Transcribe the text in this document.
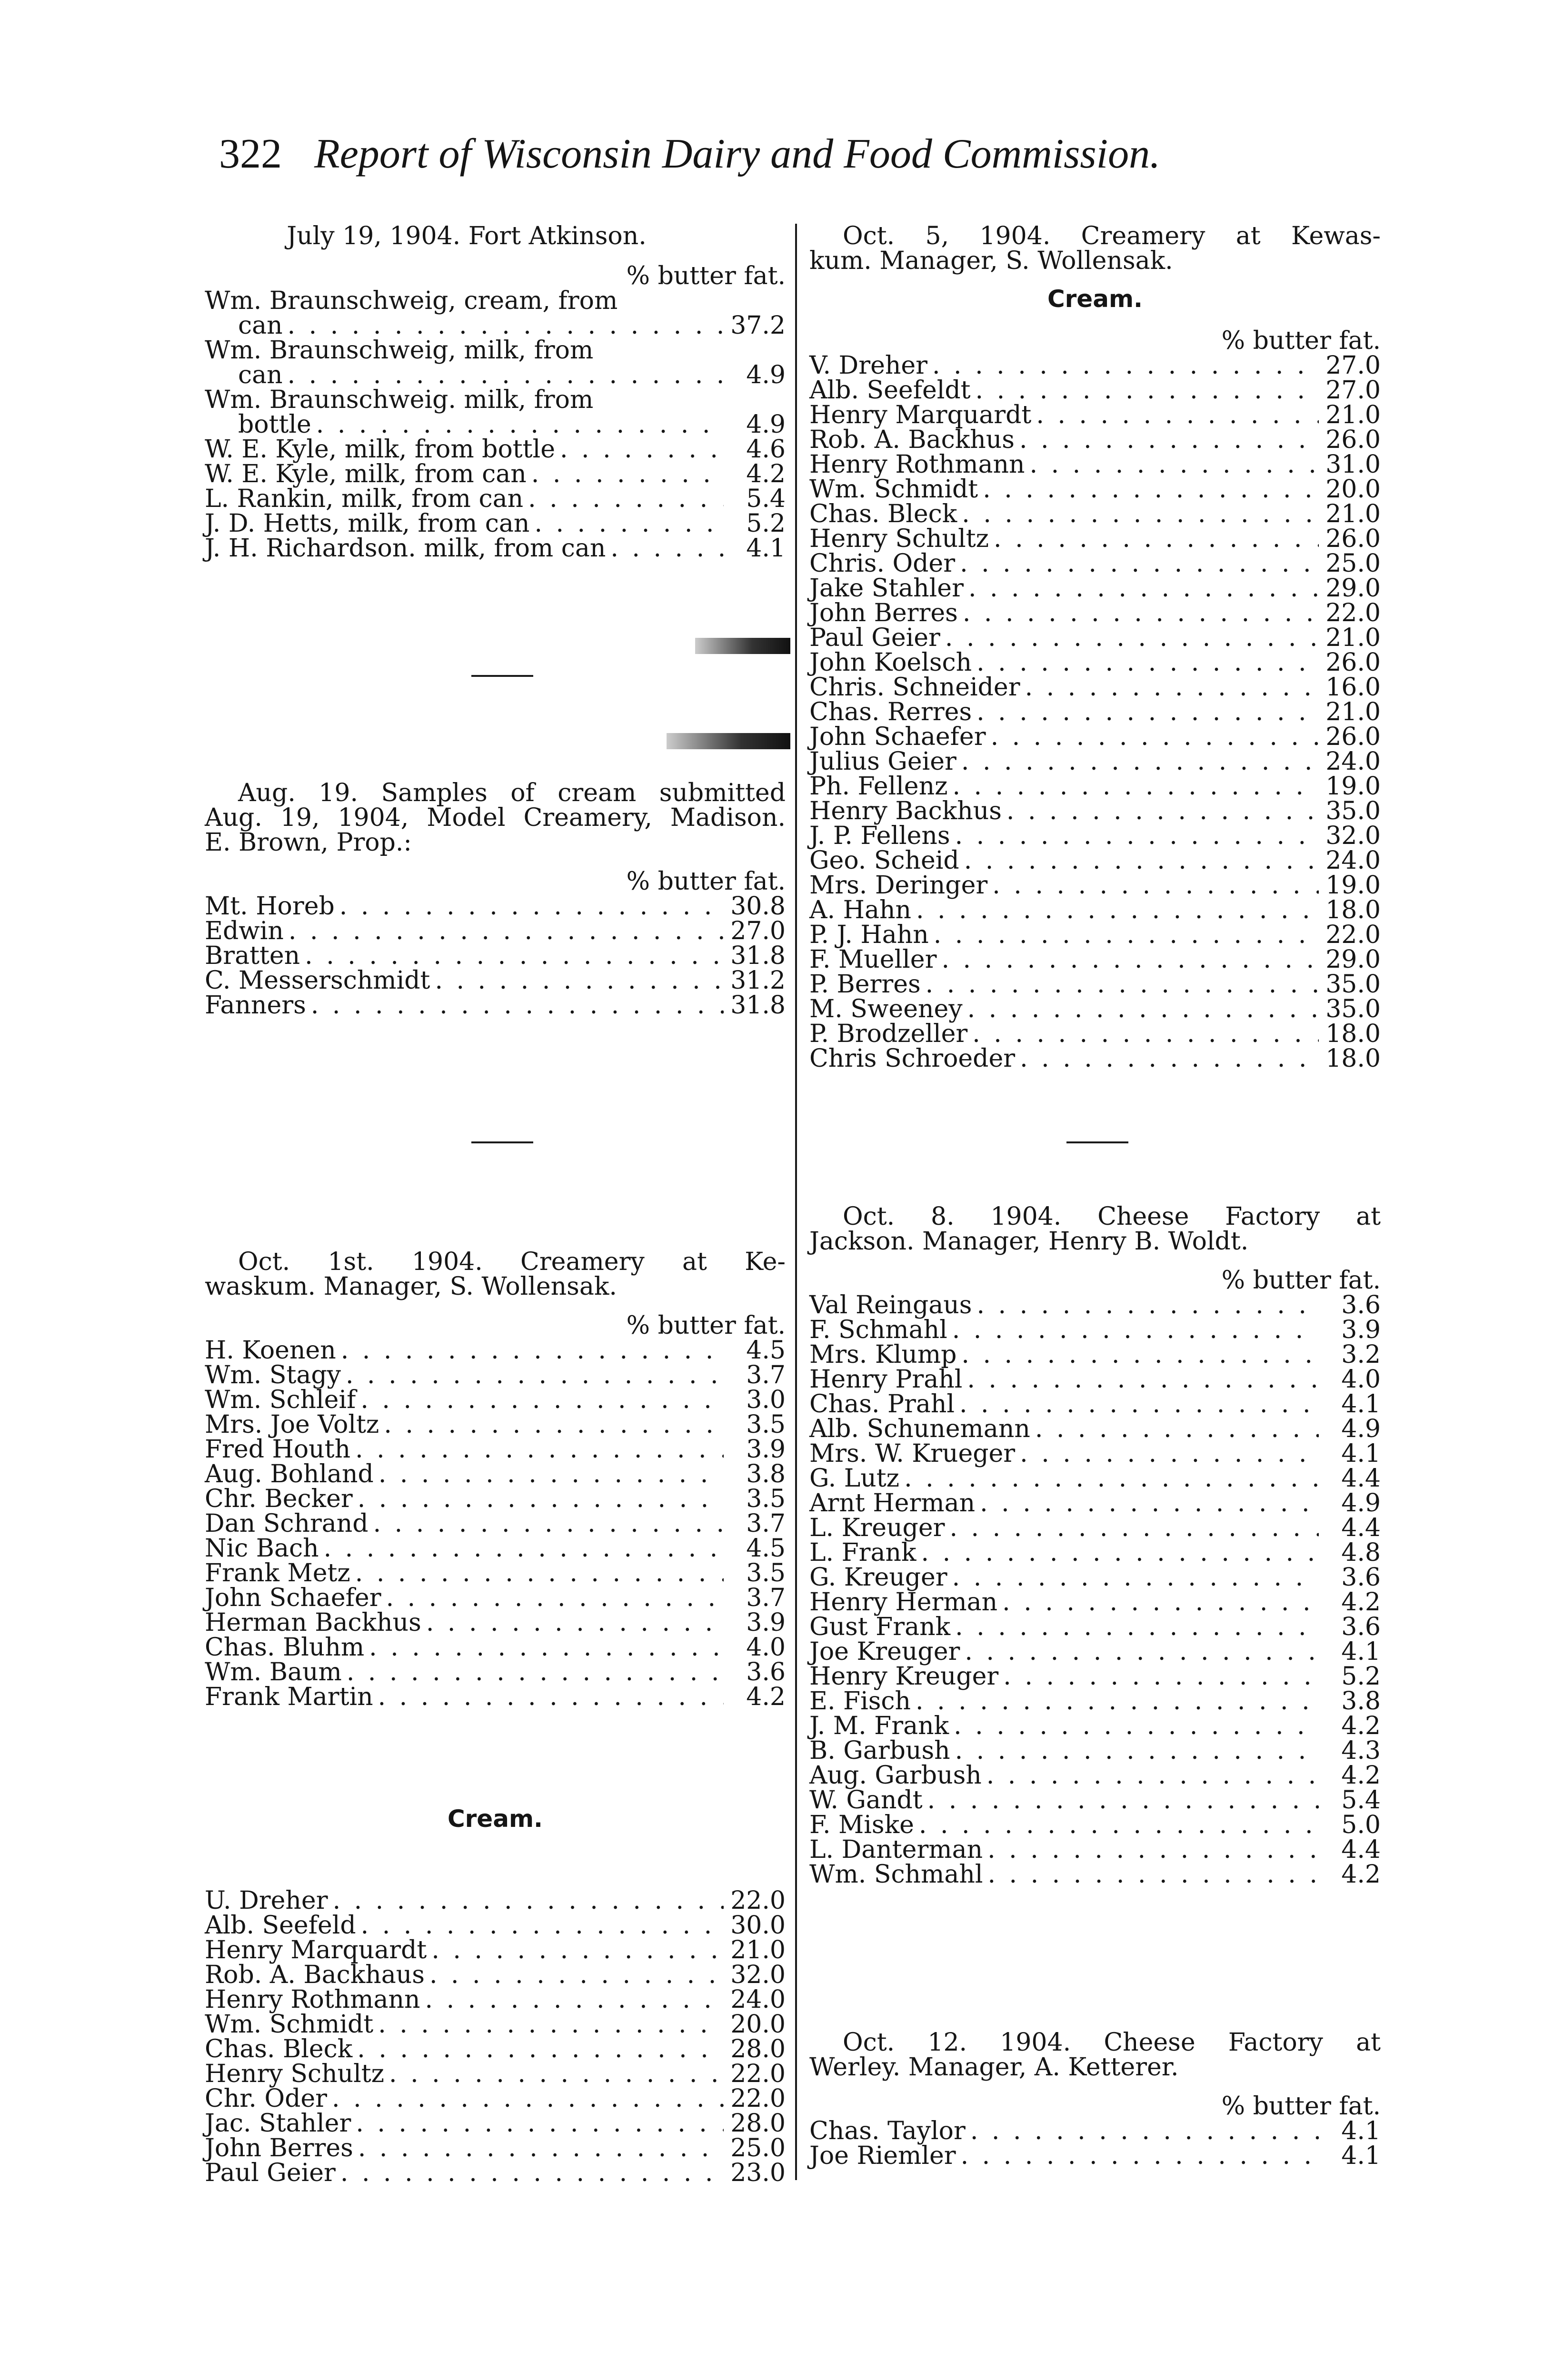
322 Report of Wisconsin Dairy and Food Commission.
July 19, 1904. Fort Atkinson.
% butter fat.
Wm. Braunschweig, cream, from
can . . .	37.2
Wm. Braunschweig, milk, from
can . . .	4.9
Wm. Braunschweig. milk, from
bottle . . .	4.9
W. E. Kyle, milk, from bottle . . .	4.6
W. E. Kyle, milk, from can . . .	4.2
L. Rankin, milk, from can . . .	5.4
J. D. Hetts, milk, from can . . .	5.2
J. H. Richardson. milk, from can . . .	4.1
Aug. 19. Samples of cream submitted
Aug. 19, 1904, Model Creamery, Madison.
E. Brown, Prop.:
% butter fat.
Mt. Horeb . . .	30.8
Edwin . . .	27.0
Bratten . . .	31.8
C. Messerschmidt . . .	31.2
Fanners . . .	31.8
Oct. 1st. 1904. Creamery at Ke-
waskum. Manager, S. Wollensak.
% butter fat.
H. Koenen . . .	4.5
Wm. Stagy . . .	3.7
Wm. Schleif . . .	3.0
Mrs. Joe Voltz . . .	3.5
Fred Houth . . .	3.9
Aug. Bohland . . .	3.8
Chr. Becker . . .	3.5
Dan Schrand . . .	3.7
Nic Bach . . .	4.5
Frank Metz . . .	3.5
John Schaefer . . .	3.7
Herman Backhus . . .	3.9
Chas. Bluhm . . .	4.0
Wm. Baum . . .	3.6
Frank Martin . . .	4.2
Cream.
U. Dreher . . .	22.0
Alb. Seefeld . . .	30.0
Henry Marquardt . . .	21.0
Rob. A. Backhaus . . .	32.0
Henry Rothmann . . .	24.0
Wm. Schmidt . . .	20.0
Chas. Bleck . . .	28.0
Henry Schultz . . .	22.0
Chr. Oder . . .	22.0
Jac. Stahler . . .	28.0
John Berres . . .	25.0
Paul Geier . . .	23.0
Oct. 5, 1904. Creamery at Kewas-
kum. Manager, S. Wollensak.
Cream.
% butter fat.
V. Dreher . . .	27.0
Alb. Seefeldt . . .	27.0
Henry Marquardt . . .	21.0
Rob. A. Backhus . . .	26.0
Henry Rothmann . . .	31.0
Wm. Schmidt . . .	20.0
Chas. Bleck . . .	21.0
Henry Schultz . . .	26.0
Chris. Oder . . .	25.0
Jake Stahler . . .	29.0
John Berres . . .	22.0
Paul Geier . . .	21.0
John Koelsch . . .	26.0
Chris. Schneider . . .	16.0
Chas. Rerres . . .	21.0
John Schaefer . . .	26.0
Julius Geier . . .	24.0
Ph. Fellenz . . .	19.0
Henry Backhus . . .	35.0
J. P. Fellens . . .	32.0
Geo. Scheid . . .	24.0
Mrs. Deringer . . .	19.0
A. Hahn . . .	18.0
P. J. Hahn . . .	22.0
F. Mueller . . .	29.0
P. Berres . . .	35.0
M. Sweeney . . .	35.0
P. Brodzeller . . .	18.0
Chris Schroeder . . .	18.0
Oct. 8. 1904. Cheese Factory at
Jackson. Manager, Henry B. Woldt.
% butter fat.
Val Reingaus . . .	3.6
F. Schmahl . . .	3.9
Mrs. Klump . . .	3.2
Henry Prahl . . .	4.0
Chas. Prahl . . .	4.1
Alb. Schunemann . . .	4.9
Mrs. W. Krueger . . .	4.1
G. Lutz . . .	4.4
Arnt Herman . . .	4.9
L. Kreuger . . .	4.4
L. Frank . . .	4.8
G. Kreuger . . .	3.6
Henry Herman . . .	4.2
Gust Frank . . .	3.6
Joe Kreuger . . .	4.1
Henry Kreuger . . .	5.2
E. Fisch . . .	3.8
J. M. Frank . . .	4.2
B. Garbush . . .	4.3
Aug. Garbush . . .	4.2
W. Gandt . . .	5.4
F. Miske . . .	5.0
L. Danterman . . .	4.4
Wm. Schmahl . . .	4.2
Oct. 12. 1904. Cheese Factory at
Werley. Manager, A. Ketterer.
% butter fat.
Chas. Taylor . . .	4.1
Joe Riemler . . .	4.1
